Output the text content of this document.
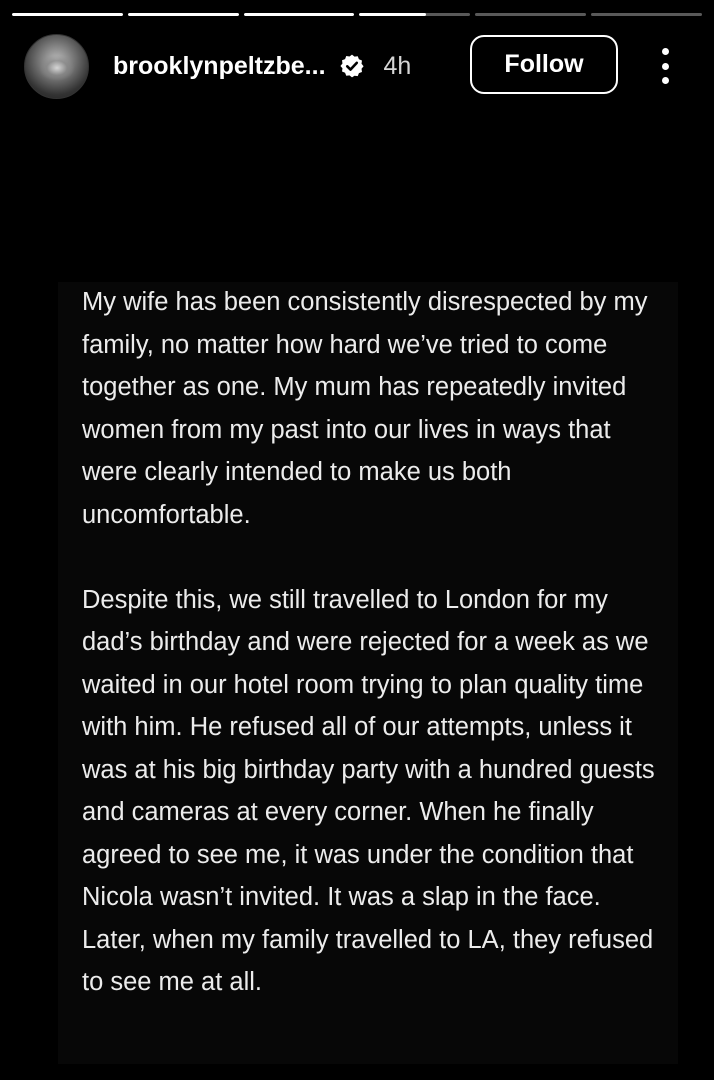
brooklynpeltzbe... 4h	Follow

My wife has been consistently disrespected by my family, no matter how hard we’ve tried to come together as one. My mum has repeatedly invited women from my past into our lives in ways that were clearly intended to make us both uncomfortable.

Despite this, we still travelled to London for my dad’s birthday and were rejected for a week as we waited in our hotel room trying to plan quality time with him. He refused all of our attempts, unless it was at his big birthday party with a hundred guests and cameras at every corner. When he finally agreed to see me, it was under the condition that Nicola wasn’t invited. It was a slap in the face. Later, when my family travelled to LA, they refused to see me at all.
